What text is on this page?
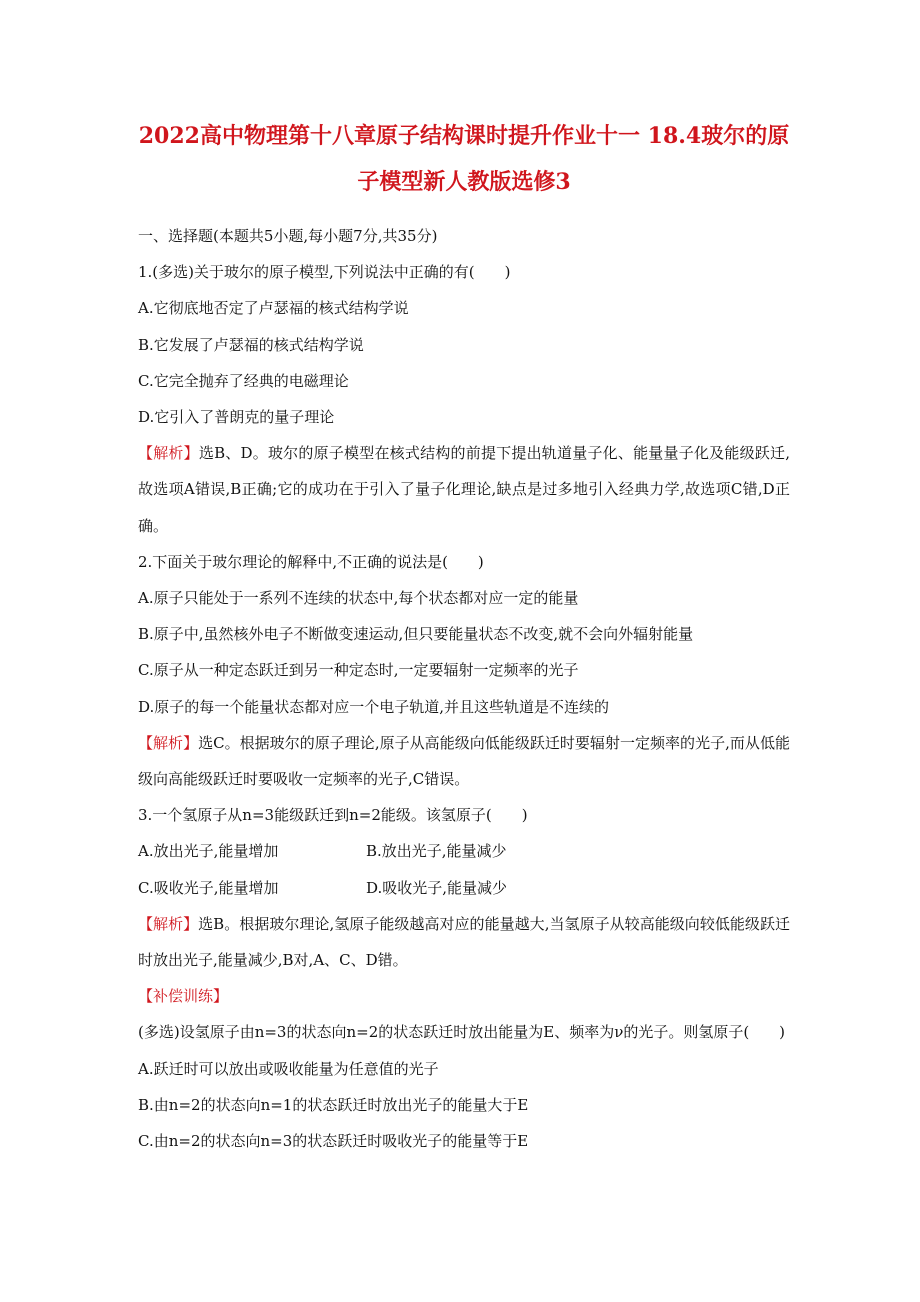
2022高中物理第十八章原子结构课时提升作业十一 18.4玻尔的原
子模型新人教版选修3

一、选择题(本题共5小题,每小题7分,共35分)

1.(多选)关于玻尔的原子模型,下列说法中正确的有(　　)

A.它彻底地否定了卢瑟福的核式结构学说

B.它发展了卢瑟福的核式结构学说

C.它完全抛弃了经典的电磁理论

D.它引入了普朗克的量子理论

【解析】选B、D。玻尔的原子模型在核式结构的前提下提出轨道量子化、能量量子化及能级跃迁,故选项A错误,B正确;它的成功在于引入了量子化理论,缺点是过多地引入经典力学,故选项C错,D正确。

2.下面关于玻尔理论的解释中,不正确的说法是(　　)

A.原子只能处于一系列不连续的状态中,每个状态都对应一定的能量

B.原子中,虽然核外电子不断做变速运动,但只要能量状态不改变,就不会向外辐射能量

C.原子从一种定态跃迁到另一种定态时,一定要辐射一定频率的光子

D.原子的每一个能量状态都对应一个电子轨道,并且这些轨道是不连续的

【解析】选C。根据玻尔的原子理论,原子从高能级向低能级跃迁时要辐射一定频率的光子,而从低能级向高能级跃迁时要吸收一定频率的光子,C错误。

3.一个氢原子从n=3能级跃迁到n=2能级。该氢原子(　　)

A.放出光子,能量增加	B.放出光子,能量减少
C.吸收光子,能量增加	D.吸收光子,能量减少

【解析】选B。根据玻尔理论,氢原子能级越高对应的能量越大,当氢原子从较高能级向较低能级跃迁时放出光子,能量减少,B对,A、C、D错。

【补偿训练】

(多选)设氢原子由n=3的状态向n=2的状态跃迁时放出能量为E、频率为ν的光子。则氢原子(　　)

A.跃迁时可以放出或吸收能量为任意值的光子

B.由n=2的状态向n=1的状态跃迁时放出光子的能量大于E

C.由n=2的状态向n=3的状态跃迁时吸收光子的能量等于E
